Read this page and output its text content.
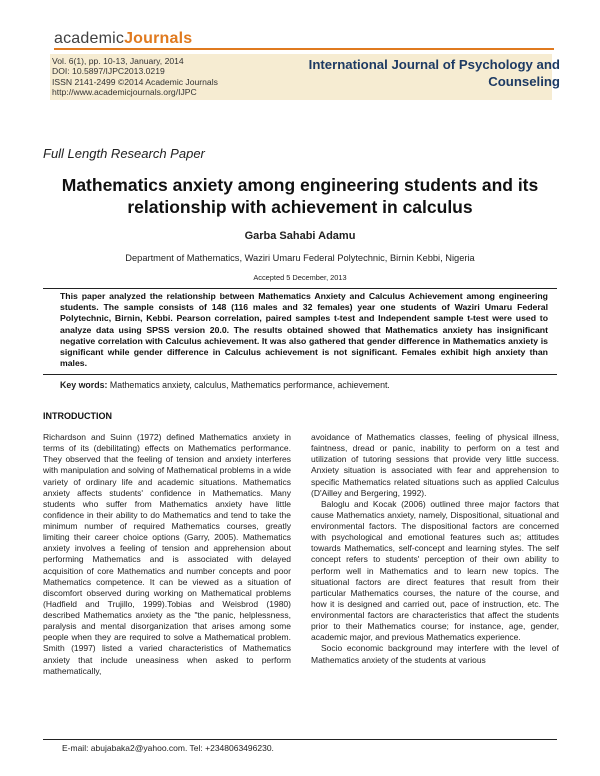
academicJournals
Vol. 6(1), pp. 10-13, January, 2014
DOI: 10.5897/IJPC2013.0219
ISSN 2141-2499 ©2014 Academic Journals
http://www.academicjournals.org/IJPC
International Journal of Psychology and Counseling
Full Length Research Paper
Mathematics anxiety among engineering students and its relationship with achievement in calculus
Garba Sahabi Adamu
Department of Mathematics, Waziri Umaru Federal Polytechnic, Birnin Kebbi, Nigeria
Accepted 5 December, 2013
This paper analyzed the relationship between Mathematics Anxiety and Calculus Achievement among engineering students. The sample consists of 148 (116 males and 32 females) year one students of Waziri Umaru Federal Polytechnic, Birnin, Kebbi. Pearson correlation, paired samples t-test and Independent sample t-test were used to analyze data using SPSS version 20.0. The results obtained showed that Mathematics anxiety has insignificant negative correlation with Calculus achievement. It was also gathered that gender difference in Mathematics anxiety is significant while gender difference in Calculus achievement is not significant. Females exhibit high anxiety than males.
Key words: Mathematics anxiety, calculus, Mathematics performance, achievement.
INTRODUCTION

Richardson and Suinn (1972) defined Mathematics anxiety in terms of its (debilitating) effects on Mathematics performance. They observed that the feeling of tension and anxiety interferes with manipulation and solving of Mathematical problems in a wide variety of ordinary life and academic situations. Mathematics anxiety affects students' confidence in Mathematics. Many students who suffer from Mathematics anxiety have little confidence in their ability to do Mathematics and tend to take the minimum number of required Mathematics courses, greatly limiting their career choice options (Garry, 2005). Mathematics anxiety involves a feeling of tension and apprehension about performing Mathematics and is associated with delayed acquisition of core Mathematics and number concepts and poor Mathematics competence. It can be viewed as a situation of discomfort observed during working on Mathematical problems (Hadfield and Trujillo, 1999).Tobias and Weisbrod (1980) described Mathematics anxiety as the "the panic, helplessness, paralysis and mental disorganization that arises among some people when they are required to solve a Mathematical problem. Smith (1997) listed a varied characteristics of Mathematics anxiety that include uneasiness when asked to perform mathematically,

avoidance of Mathematics classes, feeling of physical illness, faintness, dread or panic, inability to perform on a test and utilization of tutoring sessions that provide very little success. Anxiety situation is associated with fear and apprehension to specific Mathematics related situations such as applied Calculus (D'Ailley and Bergering, 1992).

Baloglu and Kocak (2006) outlined three major factors that cause Mathematics anxiety, namely, Dispositional, situational and environmental factors. The dispositional factors are concerned with psychological and emotional features such as; attitudes towards Mathematics, self-concept and learning styles. The self concept refers to students' perception of their own ability to perform well in Mathematics and to learn new topics. The situational factors are direct features that result from their particular Mathematics courses, the nature of the course, and how it is designed and carried out, pace of instruction, etc. The environmental factors are characteristics that affect the students prior to their Mathematics course; for instance, age, gender, academic major, and previous Mathematics experience.

Socio economic background may interfere with the level of Mathematics anxiety of the students at various

E-mail: abujabaka2@yahoo.com. Tel: +2348063496230.
